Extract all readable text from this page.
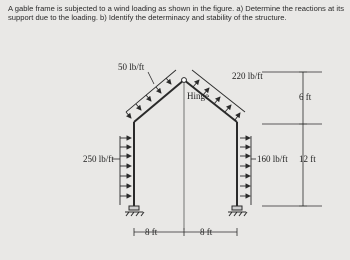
A gable frame is subjected to a wind loading as shown in the figure. a) Determine the reactions at its support due to the loading. b) Identify the determinacy and stability of the structure.
50 lb/ft
220 lb/ft
250 lb/ft	160 lb/ft
Hinge	6 ft
12 ft
8 ft	8 ft
